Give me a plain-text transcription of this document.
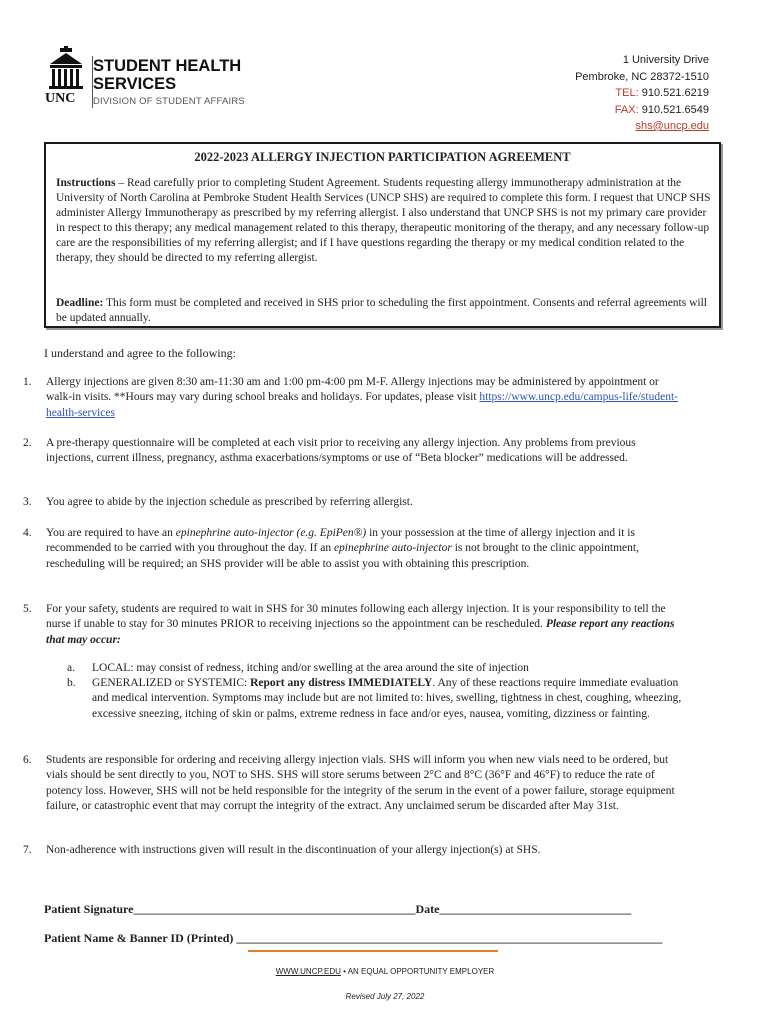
UNC
STUDENT HEALTH
SERVICES
DIVISION OF STUDENT AFFAIRS
1 University Drive
Pembroke, NC 28372-1510
TEL: 910.521.6219
FAX: 910.521.6549
shs@uncp.edu
2022-2023 ALLERGY INJECTION PARTICIPATION AGREEMENT
Instructions – Read carefully prior to completing Student Agreement. Students requesting allergy immunotherapy administration at the University of North Carolina at Pembroke Student Health Services (UNCP SHS) are required to complete this form. I request that UNCP SHS administer Allergy Immunotherapy as prescribed by my referring allergist. I also understand that UNCP SHS is not my primary care provider in respect to this therapy; any medical management related to this therapy, therapeutic monitoring of the therapy, and any necessary follow-up care are the responsibilities of my referring allergist; and if I have questions regarding the therapy or my medical condition related to the therapy, they should be directed to my referring allergist.
Deadline: This form must be completed and received in SHS prior to scheduling the first appointment. Consents and referral agreements will be updated annually.
I understand and agree to the following:
1. Allergy injections are given 8:30 am-11:30 am and 1:00 pm-4:00 pm M-F. Allergy injections may be administered by appointment or walk-in visits. **Hours may vary during school breaks and holidays. For updates, please visit https://www.uncp.edu/campus-life/student-health-services
2. A pre-therapy questionnaire will be completed at each visit prior to receiving any allergy injection. Any problems from previous injections, current illness, pregnancy, asthma exacerbations/symptoms or use of “Beta blocker” medications will be addressed.
3. You agree to abide by the injection schedule as prescribed by referring allergist.
4. You are required to have an epinephrine auto-injector (e.g. EpiPen®) in your possession at the time of allergy injection and it is recommended to be carried with you throughout the day. If an epinephrine auto-injector is not brought to the clinic appointment, rescheduling will be required; an SHS provider will be able to assist you with obtaining this prescription.
5. For your safety, students are required to wait in SHS for 30 minutes following each allergy injection. It is your responsibility to tell the nurse if unable to stay for 30 minutes PRIOR to receiving injections so the appointment can be rescheduled. Please report any reactions that may occur:
a. LOCAL: may consist of redness, itching and/or swelling at the area around the site of injection
b. GENERALIZED or SYSTEMIC: Report any distress IMMEDIATELY. Any of these reactions require immediate evaluation and medical intervention. Symptoms may include but are not limited to: hives, swelling, tightness in chest, coughing, wheezing, excessive sneezing, itching of skin or palms, extreme redness in face and/or eyes, nausea, vomiting, dizziness or fainting.
6. Students are responsible for ordering and receiving allergy injection vials. SHS will inform you when new vials need to be ordered, but vials should be sent directly to you, NOT to SHS. SHS will store serums between 2°C and 8°C (36°F and 46°F) to reduce the rate of potency loss. However, SHS will not be held responsible for the integrity of the serum in the event of a power failure, storage equipment failure, or catastrophic event that may corrupt the integrity of the extract. Any unclaimed serum be discarded after May 31st.
7. Non-adherence with instructions given will result in the discontinuation of your allergy injection(s) at SHS.
Patient Signature_______________________________________________Date________________________________
Patient Name & Banner ID (Printed) _______________________________________________________________________
WWW.UNCP.EDU • AN EQUAL OPPORTUNITY EMPLOYER
Revised July 27, 2022
